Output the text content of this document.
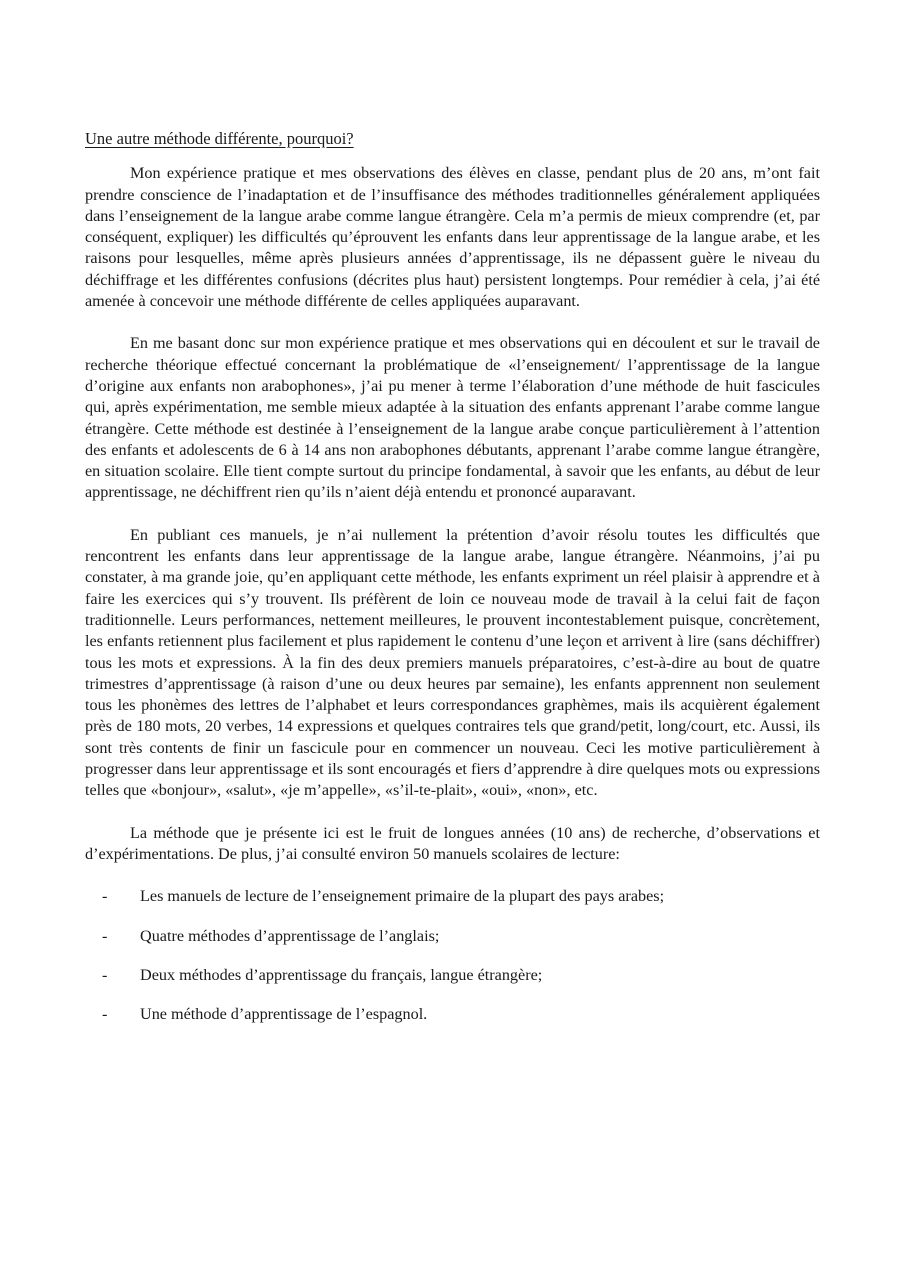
Une autre méthode différente, pourquoi?

Mon expérience pratique et mes observations des élèves en classe, pendant plus de 20 ans, m’ont fait prendre conscience de l’inadaptation et de l’insuffisance des méthodes traditionnelles généralement appliquées dans l’enseignement de la langue arabe comme langue étrangère. Cela m’a permis de mieux comprendre (et, par conséquent, expliquer) les difficultés qu’éprouvent les enfants dans leur apprentissage de la langue arabe, et les raisons pour lesquelles, même après plusieurs années d’apprentissage, ils ne dépassent guère le niveau du déchiffrage et les différentes confusions (décrites plus haut) persistent longtemps. Pour remédier à cela, j’ai été amenée à concevoir une méthode différente de celles appliquées auparavant.

En me basant donc sur mon expérience pratique et mes observations qui en découlent et sur le travail de recherche théorique effectué concernant la problématique de «l’enseignement/ l’apprentissage de la langue d’origine aux enfants non arabophones», j’ai pu mener à terme l’élaboration d’une méthode de huit fascicules qui, après expérimentation, me semble mieux adaptée à la situation des enfants apprenant l’arabe comme langue étrangère. Cette méthode est destinée à l’enseignement de la langue arabe conçue particulièrement à l’attention des enfants et adolescents de 6 à 14 ans non arabophones débutants, apprenant l’arabe comme langue étrangère, en situation scolaire. Elle tient compte surtout du principe fondamental, à savoir que les enfants, au début de leur apprentissage, ne déchiffrent rien qu’ils n’aient déjà entendu et prononcé auparavant.

En publiant ces manuels, je n’ai nullement la prétention d’avoir résolu toutes les difficultés que rencontrent les enfants dans leur apprentissage de la langue arabe, langue étrangère. Néanmoins, j’ai pu constater, à ma grande joie, qu’en appliquant cette méthode, les enfants expriment un réel plaisir à apprendre et à faire les exercices qui s’y trouvent. Ils préfèrent de loin ce nouveau mode de travail à la celui fait de façon traditionnelle. Leurs performances, nettement meilleures, le prouvent incontestablement puisque, concrètement, les enfants retiennent plus facilement et plus rapidement le contenu d’une leçon et arrivent à lire (sans déchiffrer) tous les mots et expressions. À la fin des deux premiers manuels préparatoires, c’est-à-dire au bout de quatre trimestres d’apprentissage (à raison d’une ou deux heures par semaine), les enfants apprennent non seulement tous les phonèmes des lettres de l’alphabet et leurs correspondances graphèmes, mais ils acquièrent également près de 180 mots, 20 verbes, 14 expressions et quelques contraires tels que grand/petit, long/court, etc. Aussi, ils sont très contents de finir un fascicule pour en commencer un nouveau. Ceci les motive particulièrement à progresser dans leur apprentissage et ils sont encouragés et fiers d’apprendre à dire quelques mots ou expressions telles que «bonjour», «salut», «je m’appelle», «s’il-te-plait», «oui», «non», etc.

La méthode que je présente ici est le fruit de longues années (10 ans) de recherche, d’observations et d’expérimentations. De plus, j’ai consulté environ 50 manuels scolaires de lecture:

- Les manuels de lecture de l’enseignement primaire de la plupart des pays arabes;
- Quatre méthodes d’apprentissage de l’anglais;
- Deux méthodes d’apprentissage du français, langue étrangère;
- Une méthode d’apprentissage de l’espagnol.
